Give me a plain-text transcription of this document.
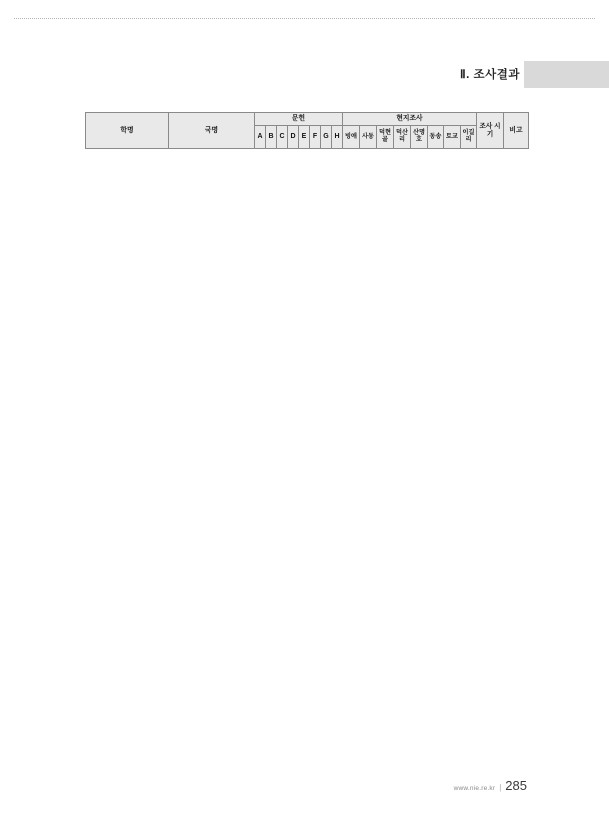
Ⅱ. 조사결과
학명	국명	문헌								현지조사								조사 시기	비고
		A	B	C	D	E	F	G	H	빙애	사동	덕현골	덕산리	산명호	동송	토교	이길리		
www.nie.re.kr | 285
